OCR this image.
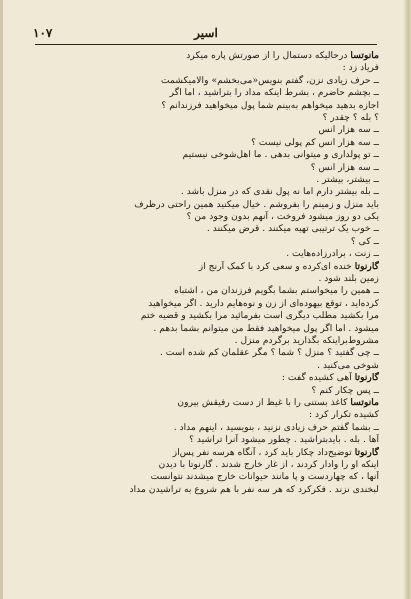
اسیر
۱۰۷
مانوتسا درحالیکه دستمال را از صورتش پاره میکرد
فریاد زد :
ــ حرف زیادی نزن، گفتم بنویس«می‌بخشم» والامیکشمت
ــ بچشم حاضرم ، بشرط اینکه مداد را بتراشید ، اما اگر
اجازه بدهید میخواهم به‌بینم شما پول میخواهید فرزندانم ؟
؟ بله ؟ چقدر ؟
ــ سه هزار انس
ــ سه هزار انس کم پولی نیست ؟
ــ تو پولداری و میتوانی بدهی . ما اهل‌شوخی نیستیم
ــ سه هزار انس ؟
ــ بیشتر، بیشتر .
ــ بله بیشتر دارم اما نه پول نقدی که در منزل باشد .
باید منزل و زمینم را بفروشم . خیال میکنید همین راحتی درظرف
یکی دو روز میشود فروخت ، آنهم بدون وجود من ؟
ــ خوب یک ترتیبی تهیه میکنند . قرض میکنند .
ــ کی ؟
ــ زنت ، برادرزاده‌هایت .
گارنوتا خنده ای‌کرده و سعی کرد با کمک آرنج از
زمین بلند شود .
ــ همین را میخواستم بشما بگویم فرزندان من ، اشتباه
کرده‌اید ، توقع بیهوده‌ای از زن و نوه‌هایم دارید . اگر میخواهید
مرا بکشید مطلب دیگری است بفرمائید مرا بکشید و قضیه ختم
میشود . اما اگر پول میخواهید فقط من میتوانم بشما بدهم .
مشروط‌براینکه بگذارید برگردم منزل .
ــ چی گفتید ؟ منزل ؟ شما ؟ مگر عقلمان کم شده است .
شوخی می‌کنید .
گارنوتا آهی کشیده گفت :
ــ پس چکار کنم ؟
مانوتسا کاغذ بستنی را با غیظ از دست رفیقش بیرون
کشیده تکرار کرد :
ــ بشما گفتم حرف زیادی نزنید ، بنویسید ، اینهم مداد .
آها . بله . بایدبتراشید . چطور میشود آنرا تراشید ؟
گارنوتا توضیح‌داد چکار باید کرد ، آنگاه هرسه نفر پس‌از
اینکه او را وادار کردند ، از غار خارج شدند . گارنوتا با دیدن
آنها ، که چهاردست و پا مانند حیوانات خارج میشدند نتوانست
لبخندی نزند . فکرکرد که هر سه نفر با هم شروع به تراشیدن مداد
